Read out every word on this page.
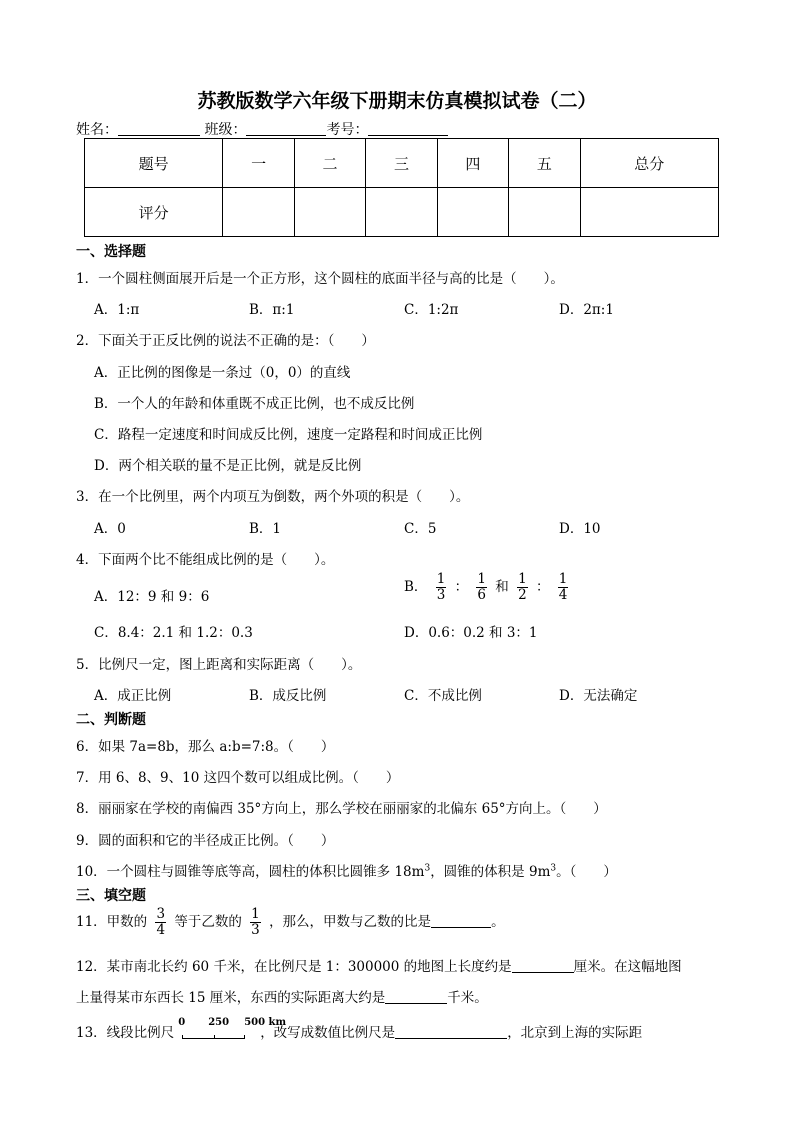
苏教版数学六年级下册期末仿真模拟试卷（二）
姓名：	班级：	考号：
题号	一	二	三	四	五	总分
评分						
一、选择题
1．一个圆柱侧面展开后是一个正方形，这个圆柱的底面半径与高的比是（　　）。
A．1:π	B．π:1	C．1:2π	D．2π:1
2．下面关于正反比例的说法不正确的是：（　　）
A．正比例的图像是一条过（0，0）的直线
B．一个人的年龄和体重既不成正比例，也不成反比例
C．路程一定速度和时间成反比例，速度一定路程和时间成正比例
D．两个相关联的量不是正比例，就是反比例
3．在一个比例里，两个内项互为倒数，两个外项的积是（　　）。
A．0	B．1	C．5	D．10
4．下面两个比不能组成比例的是（　　）。
A．12：9 和 9：6
B． $\frac{1}{3}$ ： $\frac{1}{6}$ 和 $\frac{1}{2}$ ： $\frac{1}{4}$
C．8.4：2.1 和 1.2：0.3	D．0.6：0.2 和 3：1
5．比例尺一定，图上距离和实际距离（　　）。
A．成正比例	B．成反比例	C．不成比例	D．无法确定
二、判断题
6．如果 7a=8b，那么 a:b=7:8。（　　）
7．用 6、8、9、10 这四个数可以组成比例。（　　）
8．丽丽家在学校的南偏西 35°方向上，那么学校在丽丽家的北偏东 65°方向上。（　　）
9．圆的面积和它的半径成正比例。（　　）
10．一个圆柱与圆锥等底等高，圆柱的体积比圆锥多 $18m^3$，圆锥的体积是 $9m^3$。（　　）
三、填空题
11．甲数的 $\frac{3}{4}$ 等于乙数的 $\frac{1}{3}$ ，那么，甲数与乙数的比是	。
12．某市南北长约 60 千米，在比例尺是 1：300000 的地图上长度约是	厘米。在这幅地图
上量得某市东西长 15 厘米，东西的实际距离大约是	千米。
13．线段比例尺
0 250 500 km
，改写成数值比例尺是	，北京到上海的实际距
